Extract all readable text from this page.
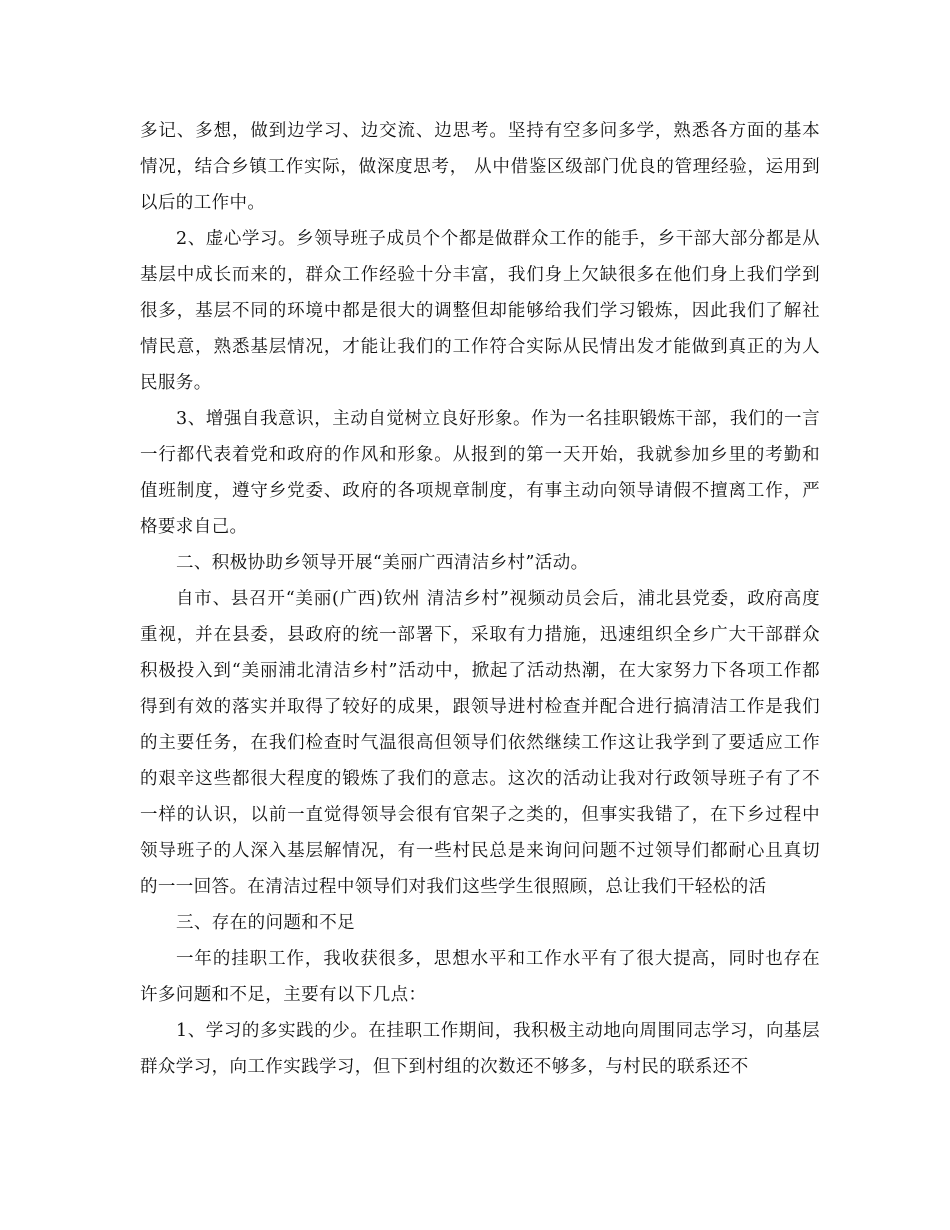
多记、多想，做到边学习、边交流、边思考。坚持有空多问多学，熟悉各方面的基本情况，结合乡镇工作实际，做深度思考， 从中借鉴区级部门优良的管理经验，运用到以后的工作中。

2、虚心学习。乡领导班子成员个个都是做群众工作的能手，乡干部大部分都是从基层中成长而来的，群众工作经验十分丰富，我们身上欠缺很多在他们身上我们学到很多，基层不同的环境中都是很大的调整但却能够给我们学习锻炼，因此我们了解社情民意，熟悉基层情况，才能让我们的工作符合实际从民情出发才能做到真正的为人民服务。

3、增强自我意识，主动自觉树立良好形象。作为一名挂职锻炼干部，我们的一言一行都代表着党和政府的作风和形象。从报到的第一天开始，我就参加乡里的考勤和值班制度，遵守乡党委、政府的各项规章制度，有事主动向领导请假不擅离工作，严格要求自己。

二、积极协助乡领导开展“美丽广西清洁乡村”活动。

自市、县召开“美丽(广西)钦州 清洁乡村”视频动员会后，浦北县党委，政府高度重视，并在县委，县政府的统一部署下，采取有力措施，迅速组织全乡广大干部群众积极投入到“美丽浦北清洁乡村”活动中，掀起了活动热潮，在大家努力下各项工作都得到有效的落实并取得了较好的成果，跟领导进村检查并配合进行搞清洁工作是我们的主要任务，在我们检查时气温很高但领导们依然继续工作这让我学到了要适应工作的艰辛这些都很大程度的锻炼了我们的意志。这次的活动让我对行政领导班子有了不一样的认识，以前一直觉得领导会很有官架子之类的，但事实我错了，在下乡过程中领导班子的人深入基层解情况，有一些村民总是来询问问题不过领导们都耐心且真切的一一回答。在清洁过程中领导们对我们这些学生很照顾，总让我们干轻松的活

三、存在的问题和不足

一年的挂职工作，我收获很多，思想水平和工作水平有了很大提高，同时也存在许多问题和不足，主要有以下几点：

1、学习的多实践的少。在挂职工作期间，我积极主动地向周围同志学习，向基层群众学习，向工作实践学习，但下到村组的次数还不够多，与村民的联系还不
